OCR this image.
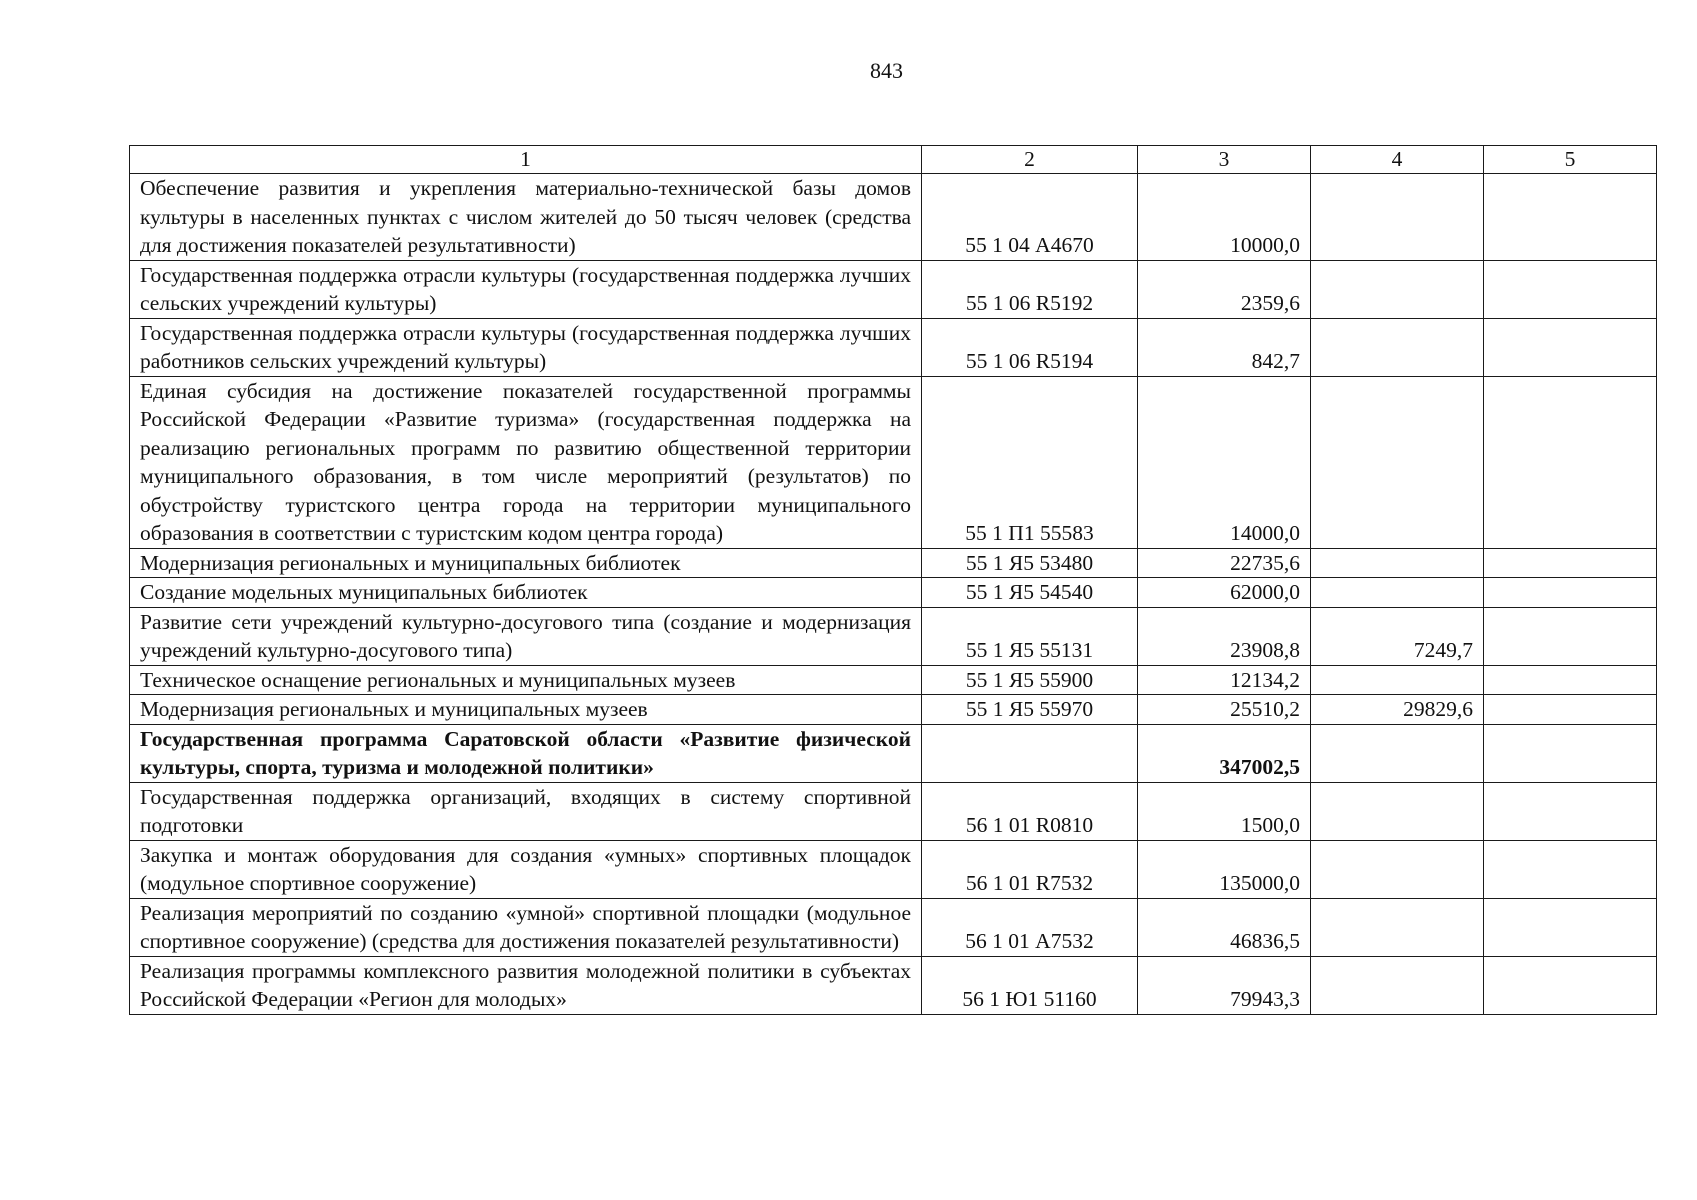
843
1	2	3	4	5
Обеспечение развития и укрепления материально-технической базы домов культуры в населенных пунктах с числом жителей до 50 тысяч человек (средства для достижения показателей результативности)	55 1 04 А4670	10000,0		
Государственная поддержка отрасли культуры (государственная поддержка лучших сельских учреждений культуры)	55 1 06 R5192	2359,6		
Государственная поддержка отрасли культуры (государственная поддержка лучших работников сельских учреждений культуры)	55 1 06 R5194	842,7		
Единая субсидия на достижение показателей государственной программы Российской Федерации «Развитие туризма» (государственная поддержка на реализацию региональных программ по развитию общественной территории муниципального образования, в том числе мероприятий (результатов) по обустройству туристского центра города на территории муниципального образования в соответствии с туристским кодом центра города)	55 1 П1 55583	14000,0		
Модернизация региональных и муниципальных библиотек	55 1 Я5 53480	22735,6		
Создание модельных муниципальных библиотек	55 1 Я5 54540	62000,0		
Развитие сети учреждений культурно-досугового типа (создание и модернизация учреждений культурно-досугового типа)	55 1 Я5 55131	23908,8	7249,7	
Техническое оснащение региональных и муниципальных музеев	55 1 Я5 55900	12134,2		
Модернизация региональных и муниципальных музеев	55 1 Я5 55970	25510,2	29829,6	
Государственная программа Саратовской области «Развитие физической культуры, спорта, туризма и молодежной политики»		347002,5		
Государственная поддержка организаций, входящих в систему спортивной подготовки	56 1 01 R0810	1500,0		
Закупка и монтаж оборудования для создания «умных» спортивных площадок (модульное спортивное сооружение)	56 1 01 R7532	135000,0		
Реализация мероприятий по созданию «умной» спортивной площадки (модульное спортивное сооружение) (средства для достижения показателей результативности)	56 1 01 А7532	46836,5		
Реализация программы комплексного развития молодежной политики в субъектах Российской Федерации «Регион для молодых»	56 1 Ю1 51160	79943,3		
